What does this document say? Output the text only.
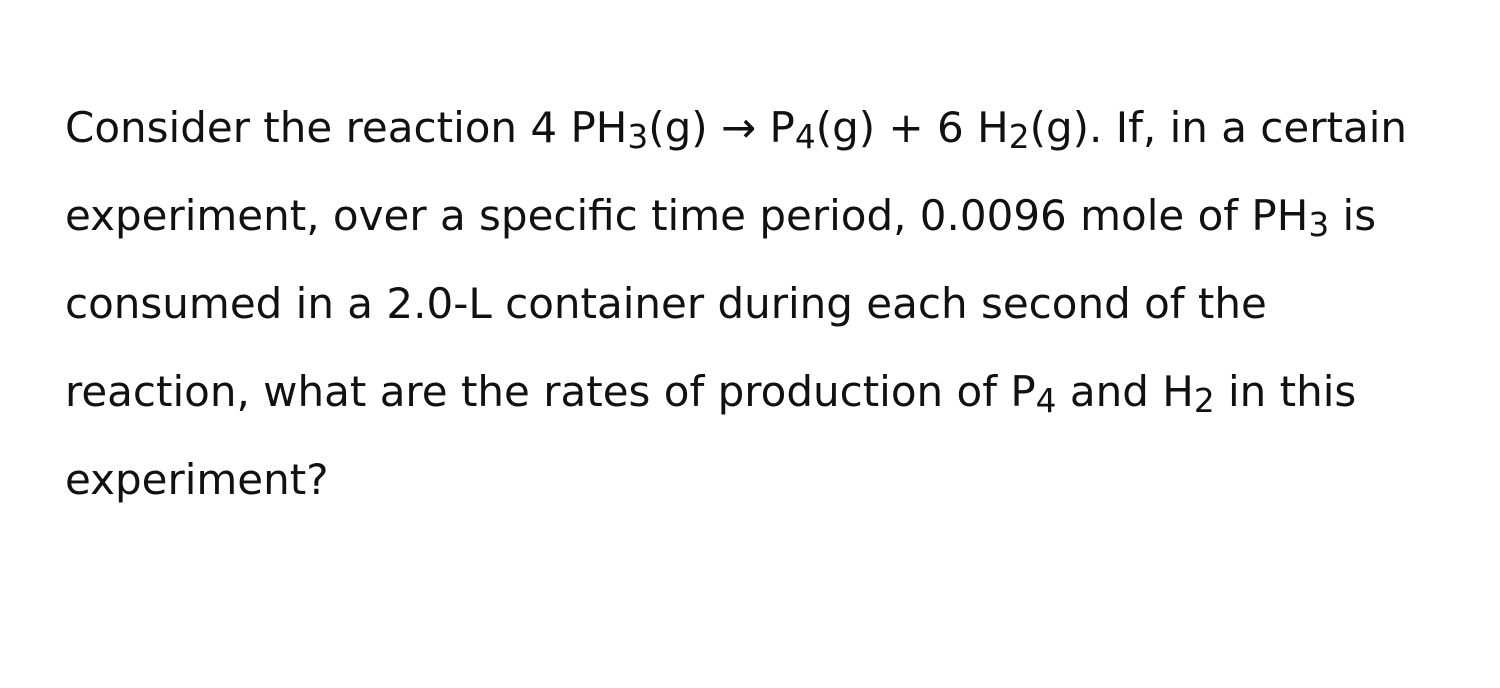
Consider the reaction 4 $PH_3(g) \to P_4(g) + 6$ $H_2(g)$. If, in a certain experiment, over a specific time period, 0.0096 mole of $PH_3$ is consumed in a 2.0-L container during each second of the reaction, what are the rates of production of $P_4$ and $H_2$ in this experiment?
